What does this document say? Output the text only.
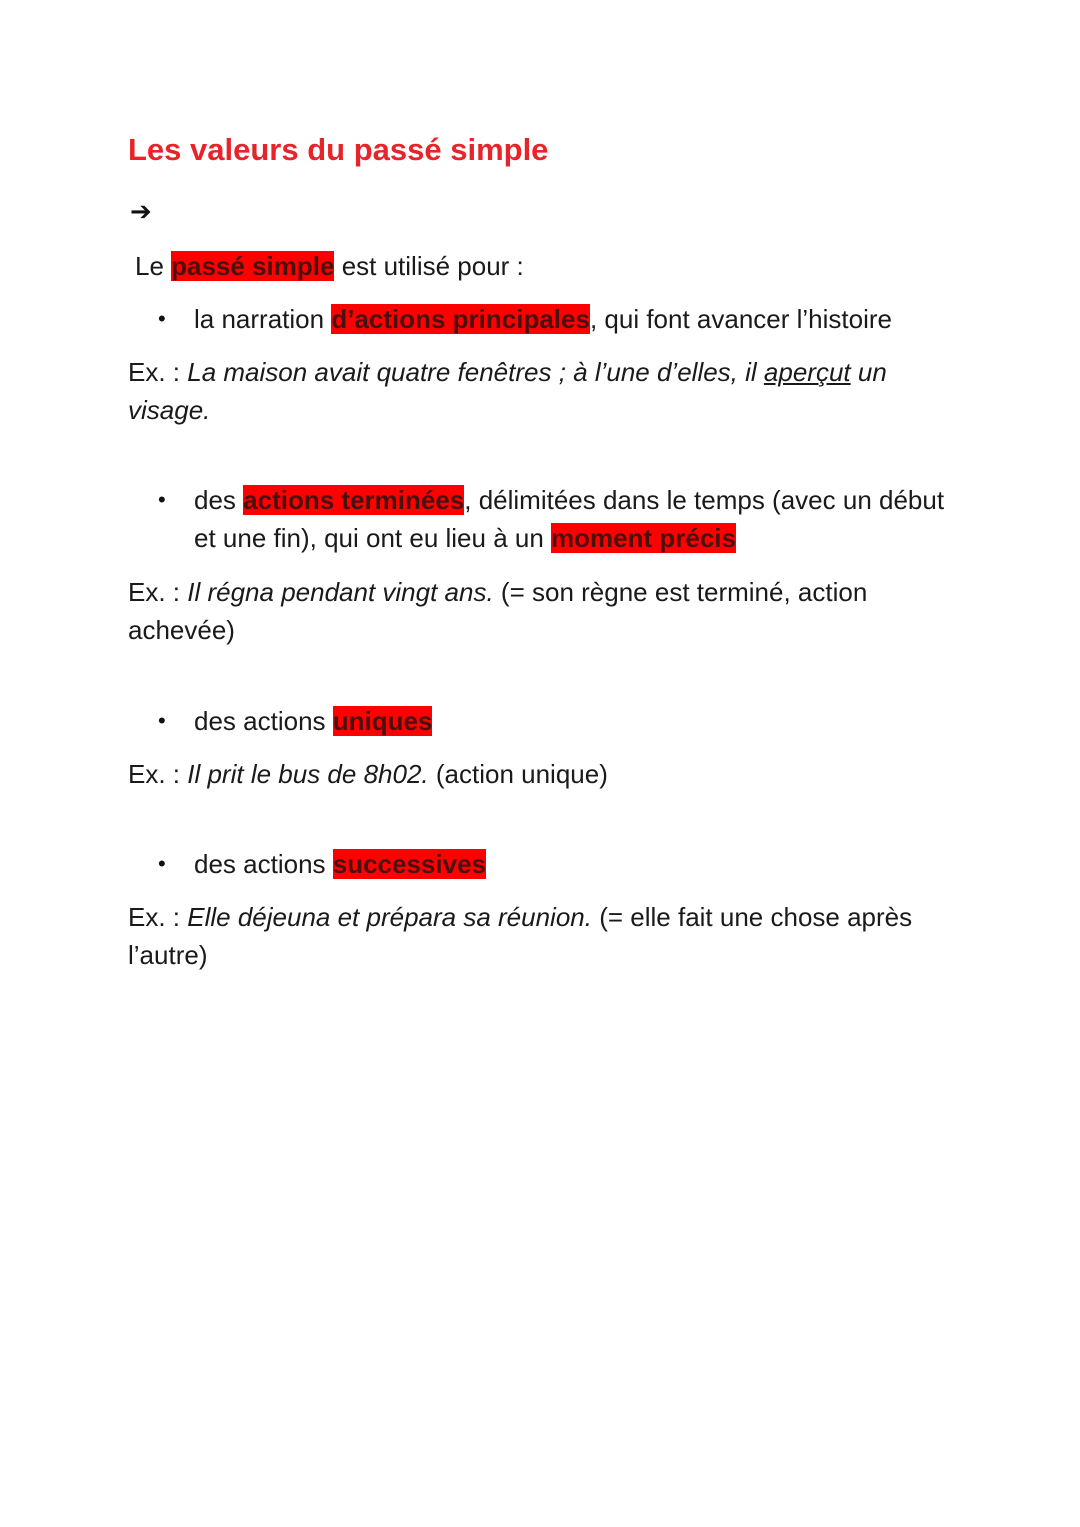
Les valeurs du passé simple
➔
Le passé simple est utilisé pour :
• la narration d’actions principales, qui font avancer l’histoire
Ex. : La maison avait quatre fenêtres ; à l’une d’elles, il aperçut un
visage.
• des actions terminées, délimitées dans le temps (avec un début
et une fin), qui ont eu lieu à un moment précis
Ex. : Il régna pendant vingt ans. (= son règne est terminé, action
achevée)
• des actions uniques
Ex. : Il prit le bus de 8h02. (action unique)
• des actions successives
Ex. : Elle déjeuna et prépara sa réunion. (= elle fait une chose après
l’autre)
